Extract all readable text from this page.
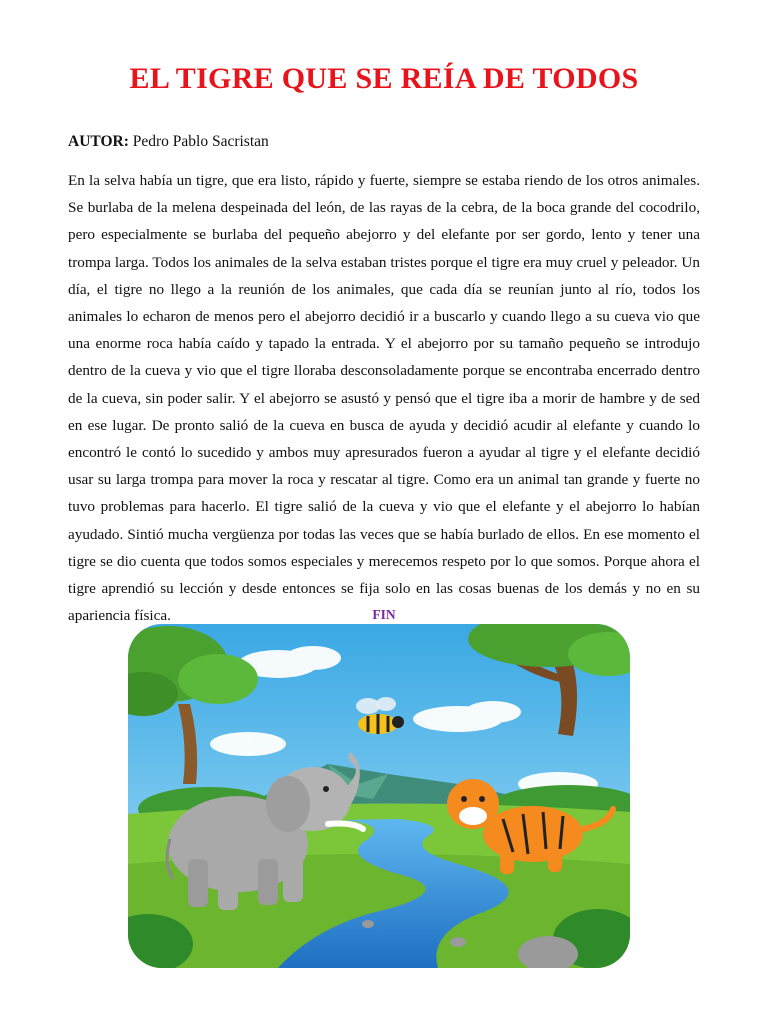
EL TIGRE QUE SE REÍA DE TODOS
AUTOR: Pedro Pablo Sacristan

En la selva había un tigre, que era listo, rápido y fuerte, siempre se estaba riendo de los otros animales. Se burlaba de la melena despeinada del león, de las rayas de la cebra, de la boca grande del cocodrilo, pero especialmente se burlaba del pequeño abejorro y del elefante por ser gordo, lento y tener una trompa larga. Todos los animales de la selva estaban tristes porque el tigre era muy cruel y peleador. Un día, el tigre no llego a la reunión de los animales, que cada día se reunían junto al río, todos los animales lo echaron de menos pero el abejorro decidió ir a buscarlo y cuando llego a su cueva vio que una enorme roca había caído y tapado la entrada. Y el abejorro por su tamaño pequeño se introdujo dentro de la cueva y vio que el tigre lloraba desconsoladamente porque se encontraba encerrado dentro de la cueva, sin poder salir. Y el abejorro se asustó y pensó que el tigre iba a morir de hambre y de sed en ese lugar. De pronto salió de la cueva en busca de ayuda y decidió acudir al elefante y cuando lo encontró le contó lo sucedido y ambos muy apresurados fueron a ayudar al tigre y el elefante decidió usar su larga trompa para mover la roca y rescatar al tigre. Como era un animal tan grande y fuerte no tuvo problemas para hacerlo. El tigre salió de la cueva y vio que el elefante y el abejorro lo habían ayudado. Sintió mucha vergüenza por todas las veces que se había burlado de ellos. En ese momento el tigre se dio cuenta que todos somos especiales y merecemos respeto por lo que somos. Porque ahora el tigre aprendió su lección y desde entonces se fija solo en las cosas buenas de los demás y no en su apariencia física.	FIN
